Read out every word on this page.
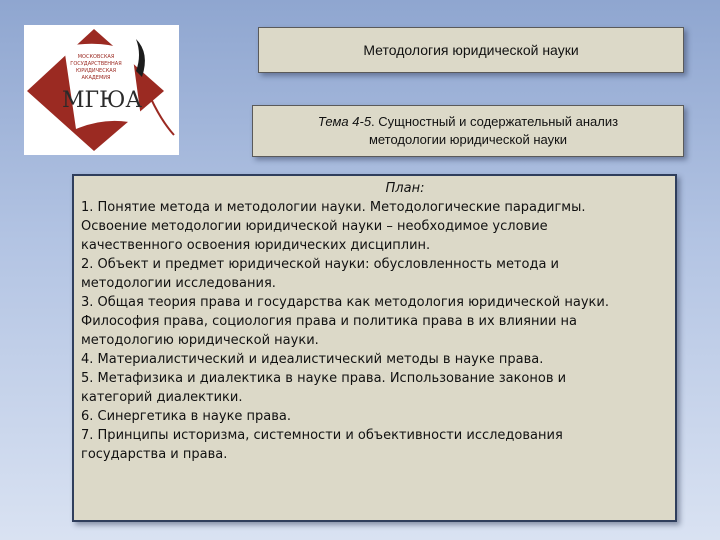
МОСКОВСКАЯ
ГОСУДАРСТВЕННАЯ
ЮРИДИЧЕСКАЯ
АКАДЕМИЯ
МГЮА
Методология юридической науки
Тема 4-5. Сущностный и содержательный анализ
методологии юридической науки
План:
1. Понятие метода и методологии науки. Методологические парадигмы.
Освоение методологии юридической науки – необходимое условие
качественного освоения юридических дисциплин.
2. Объект и предмет юридической науки: обусловленность метода и
методологии исследования.
3. Общая теория права и государства как методология юридической науки.
Философия права, социология права и политика права в их влиянии на
методологию юридической науки.
4. Материалистический и идеалистический методы в науке права.
5. Метафизика и диалектика в науке права. Использование законов и
категорий диалектики.
6. Синергетика в науке права.
7. Принципы историзма, системности и объективности исследования
государства и права.
